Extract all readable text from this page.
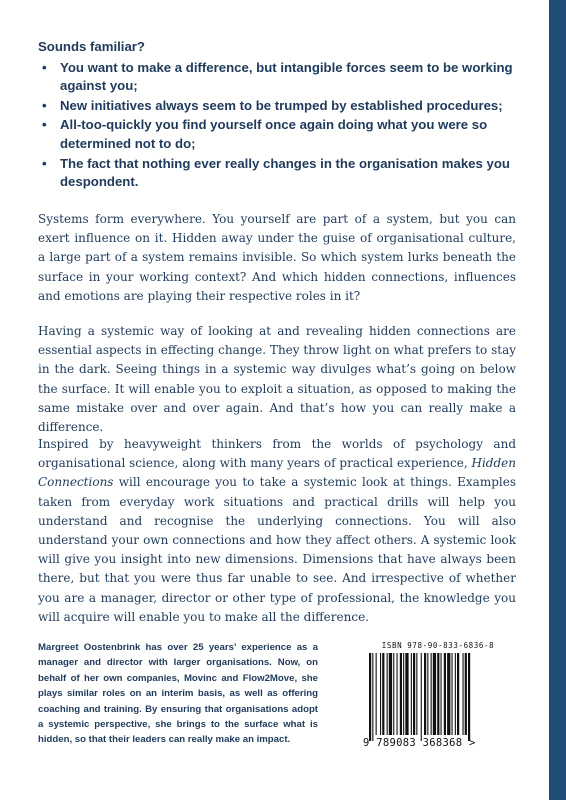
Sounds familiar?
• You want to make a difference, but intangible forces seem to be working against you;
• New initiatives always seem to be trumped by established procedures;
• All-too-quickly you find yourself once again doing what you were so determined not to do;
• The fact that nothing ever really changes in the organisation makes you despondent.

Systems form everywhere. You yourself are part of a system, but you can exert influence on it. Hidden away under the guise of organisational culture, a large part of a system remains invisible. So which system lurks beneath the surface in your working context? And which hidden connections, influences and emotions are playing their respective roles in it?

Having a systemic way of looking at and revealing hidden connections are essential aspects in effecting change. They throw light on what prefers to stay in the dark. Seeing things in a systemic way divulges what’s going on below the surface. It will enable you to exploit a situation, as opposed to making the same mistake over and over again. And that’s how you can really make a difference.

Inspired by heavyweight thinkers from the worlds of psychology and organisational science, along with many years of practical experience, Hidden Connections will encourage you to take a systemic look at things. Examples taken from everyday work situations and practical drills will help you understand and recognise the underlying connections. You will also understand your own connections and how they affect others. A systemic look will give you insight into new dimensions. Dimensions that have always been there, but that you were thus far unable to see. And irrespective of whether you are a manager, director or other type of professional, the knowledge you will acquire will enable you to make all the difference.

Margreet Oostenbrink has over 25 years’ experience as a manager and director with larger organisations. Now, on behalf of her own companies, Movinc and Flow2Move, she plays similar roles on an interim basis, as well as offering coaching and training. By ensuring that organisations adopt a systemic perspective, she brings to the surface what is hidden, so that their leaders can really make an impact.
ISBN 978-90-833-6836-8
9 789083 368368 >
